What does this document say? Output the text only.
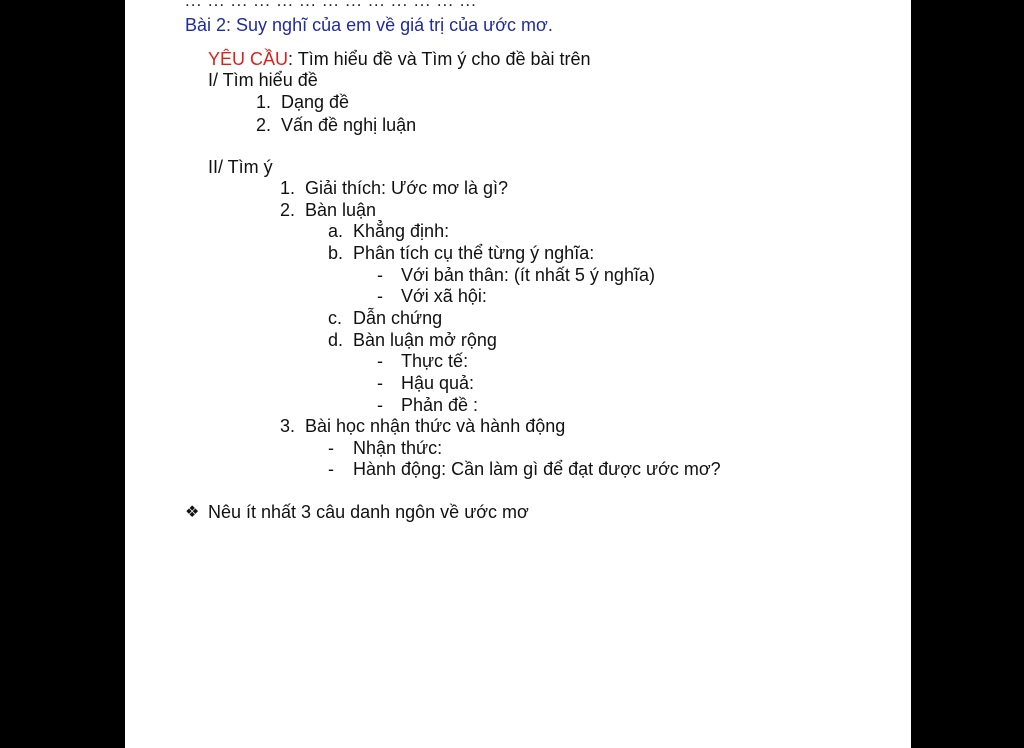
... ... ... ... ... ... ... ... ... ... ... ... ...
Bài 2: Suy nghĩ của em về giá trị của ước mơ.
YÊU CẦU: Tìm hiểu đề và Tìm ý cho đề bài trên
I/ Tìm hiểu đề
1. Dạng đề
2. Vấn đề nghị luận
II/ Tìm ý
1. Giải thích: Ước mơ là gì?
2. Bàn luận
a. Khẳng định:
b. Phân tích cụ thể từng ý nghĩa:
- Với bản thân: (ít nhất 5 ý nghĩa)
- Với xã hội:
c. Dẫn chứng
d. Bàn luận mở rộng
- Thực tế:
- Hậu quả:
- Phản đề :
3. Bài học nhận thức và hành động
- Nhận thức:
- Hành động: Cần làm gì để đạt được ước mơ?
❖ Nêu ít nhất 3 câu danh ngôn về ước mơ
